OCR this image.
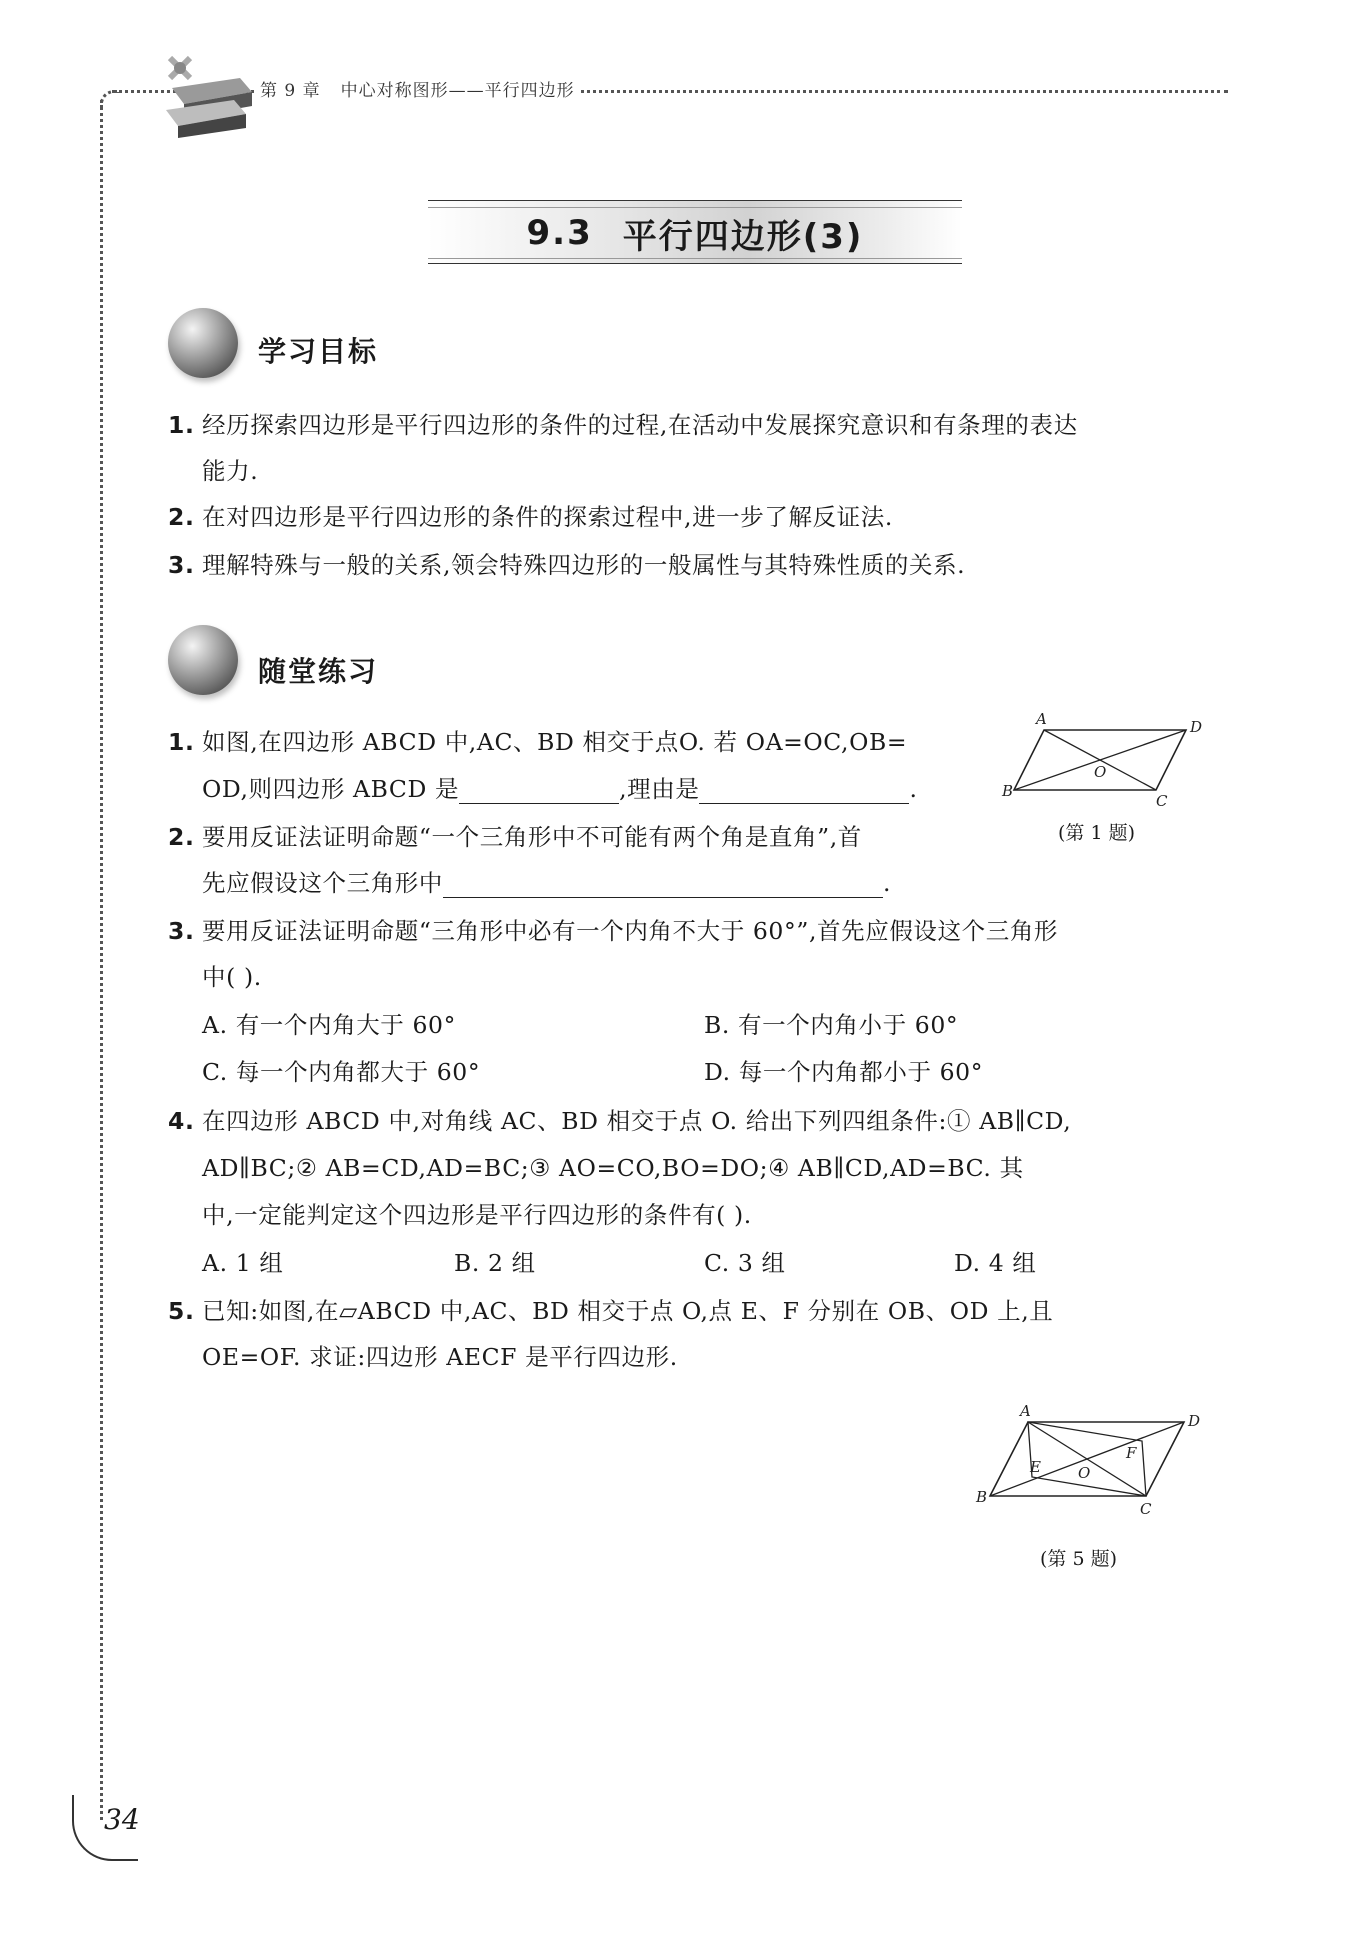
第 9 章 中心对称图形——平行四边形
9.3 平行四边形(3)
学习目标
1. 经历探索四边形是平行四边形的条件的过程,在活动中发展探究意识和有条理的表达
能力.
2. 在对四边形是平行四边形的条件的探索过程中,进一步了解反证法.
3. 理解特殊与一般的关系,领会特殊四边形的一般属性与其特殊性质的关系.
随堂练习
1. 如图,在四边形 ABCD 中,AC、BD 相交于点O. 若 OA=OC,OB=
OD,则四边形 ABCD 是	,理由是	.
A	D
B
C
O
(第 1 题)
2. 要用反证法证明命题“一个三角形中不可能有两个角是直角”,首
先应假设这个三角形中	.
3. 要用反证法证明命题“三角形中必有一个内角不大于 60°”,首先应假设这个三角形
中( ).
A. 有一个内角大于 60°	B. 有一个内角小于 60°
C. 每一个内角都大于 60°	D. 每一个内角都小于 60°
4. 在四边形 ABCD 中,对角线 AC、BD 相交于点 O. 给出下列四组条件:① AB∥CD,
AD∥BC;② AB=CD,AD=BC;③ AO=CO,BO=DO;④ AB∥CD,AD=BC. 其
中,一定能判定这个四边形是平行四边形的条件有( ).
A. 1 组	B. 2 组	C. 3 组	D. 4 组
5. 已知:如图,在▱ABCD 中,AC、BD 相交于点 O,点 E、F 分别在 OB、OD 上,且
OE=OF. 求证:四边形 AECF 是平行四边形.
A
D
B
C
O
E
F
(第 5 题)
34
